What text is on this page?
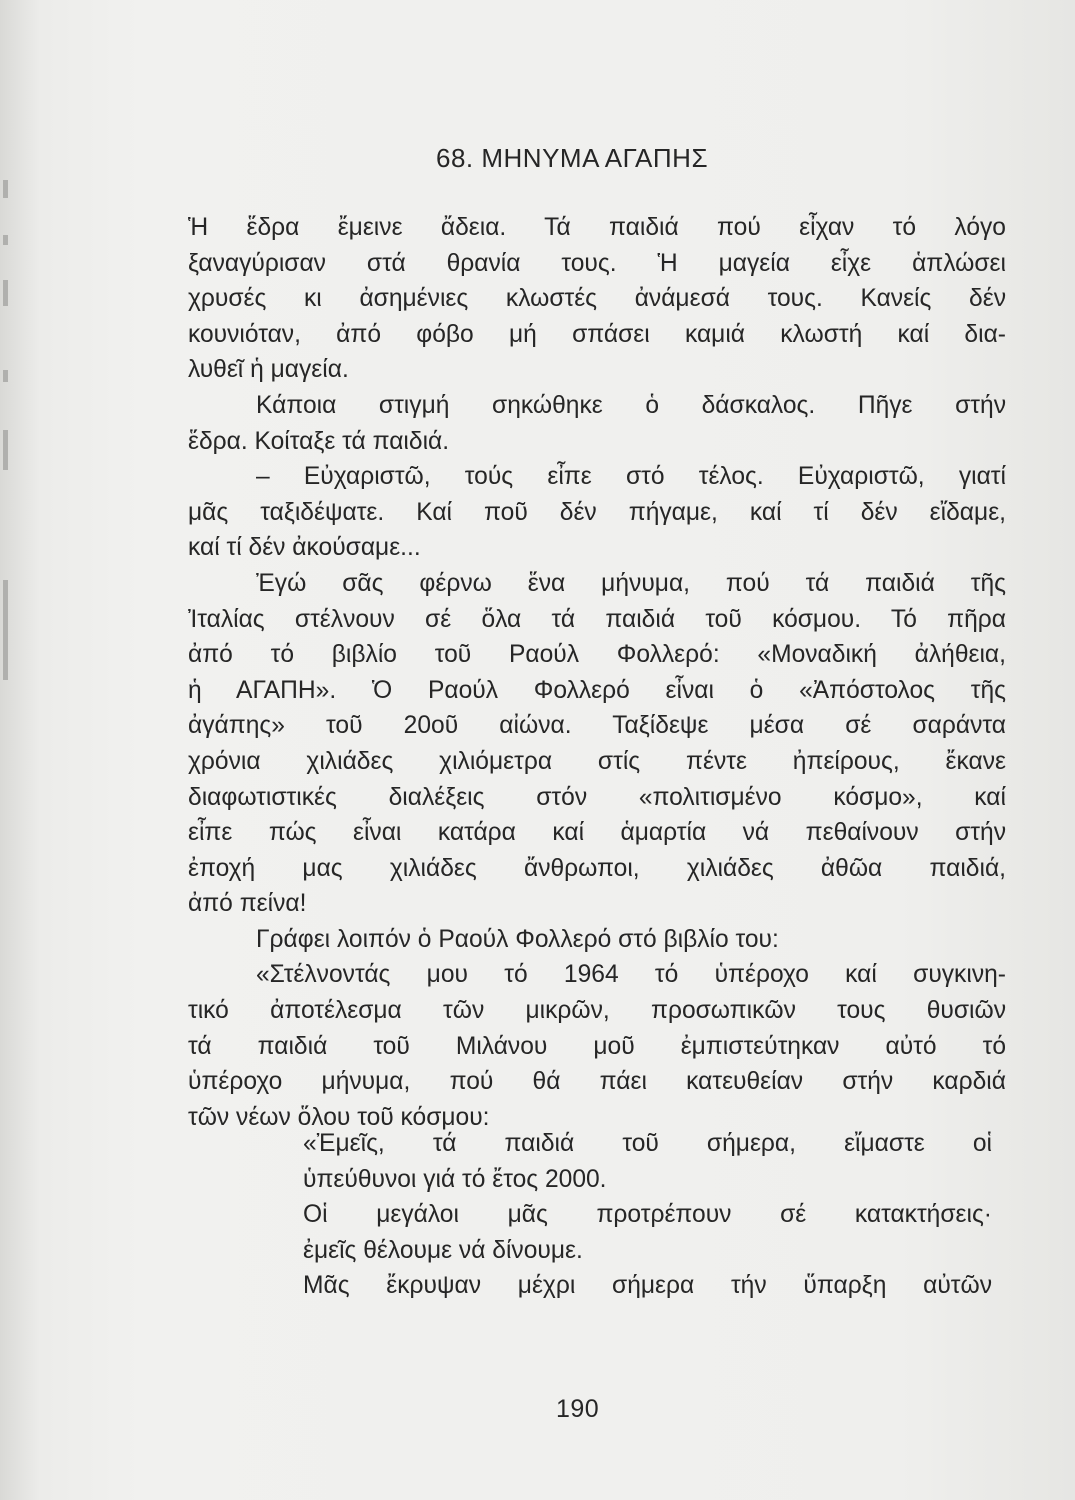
68. ΜΗΝΥΜΑ ΑΓΑΠΗΣ
Ἡ ἕδρα ἔμεινε ἄδεια. Τά παιδιά πού εἶχαν τό λόγο
ξαναγύρισαν στά θρανία τους. Ἡ μαγεία εἶχε ἁπλώσει
χρυσές κι ἀσημένιες κλωστές ἀνάμεσά τους. Κανείς δέν
κουνιόταν, ἀπό φόβο μή σπάσει καμιά κλωστή καί δια-
λυθεῖ ἡ μαγεία.
Κάποια στιγμή σηκώθηκε ὁ δάσκαλος. Πῆγε στήν
ἕδρα. Κοίταξε τά παιδιά.
– Εὐχαριστῶ, τούς εἶπε στό τέλος. Εὐχαριστῶ, γιατί
μᾶς ταξιδέψατε. Καί ποῦ δέν πήγαμε, καί τί δέν εἴδαμε,
καί τί δέν ἀκούσαμε...
Ἐγώ σᾶς φέρνω ἕνα μήνυμα, πού τά παιδιά τῆς
Ἰταλίας στέλνουν σέ ὅλα τά παιδιά τοῦ κόσμου. Τό πῆρα
ἀπό τό βιβλίο τοῦ Ραούλ Φολλερό: «Μοναδική ἀλήθεια,
ἡ ΑΓΑΠΗ». Ὁ Ραούλ Φολλερό εἶναι ὁ «Ἀπόστολος τῆς
ἀγάπης» τοῦ 20οῦ αἰώνα. Ταξίδεψε μέσα σέ σαράντα
χρόνια χιλιάδες χιλιόμετρα στίς πέντε ἠπείρους, ἔκανε
διαφωτιστικές διαλέξεις στόν «πολιτισμένο κόσμο», καί
εἶπε πώς εἶναι κατάρα καί ἁμαρτία νά πεθαίνουν στήν
ἐποχή μας χιλιάδες ἄνθρωποι, χιλιάδες ἀθῶα παιδιά,
ἀπό πείνα!
Γράφει λοιπόν ὁ Ραούλ Φολλερό στό βιβλίο του:
«Στέλνοντάς μου τό 1964 τό ὑπέροχο καί συγκινη-
τικό ἀποτέλεσμα τῶν μικρῶν, προσωπικῶν τους θυσιῶν
τά παιδιά τοῦ Μιλάνου μοῦ ἐμπιστεύτηκαν αὐτό τό
ὑπέροχο μήνυμα, πού θά πάει κατευθείαν στήν καρδιά
τῶν νέων ὅλου τοῦ κόσμου:
«Ἐμεῖς, τά παιδιά τοῦ σήμερα, εἴμαστε οἱ
ὑπεύθυνοι γιά τό ἔτος 2000.
Οἱ μεγάλοι μᾶς προτρέπουν σέ κατακτήσεις·
ἐμεῖς θέλουμε νά δίνουμε.
Μᾶς ἔκρυψαν μέχρι σήμερα τήν ὕπαρξη αὐτῶν
190
